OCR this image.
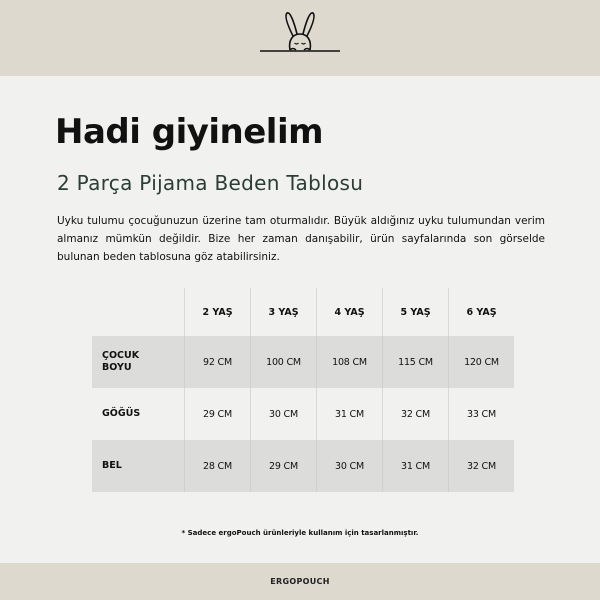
Hadi giyinelim
2 Parça Pijama Beden Tablosu

Uyku tulumu çocuğunuzun üzerine tam oturmalıdır. Büyük aldığınız uyku tulumundan verim almanız mümkün değildir. Bize her zaman danışabilir, ürün sayfalarında son görselde bulunan beden tablosuna göz atabilirsiniz.

	2 YAŞ	3 YAŞ	4 YAŞ	5 YAŞ	6 YAŞ
ÇOCUK
BOYU	92 CM	100 CM	108 CM	115 CM	120 CM
GÖĞÜS	29 CM	30 CM	31 CM	32 CM	33 CM
BEL	28 CM	29 CM	30 CM	31 CM	32 CM

* Sadece ergoPouch ürünleriyle kullanım için tasarlanmıştır.

ERGOPOUCH
